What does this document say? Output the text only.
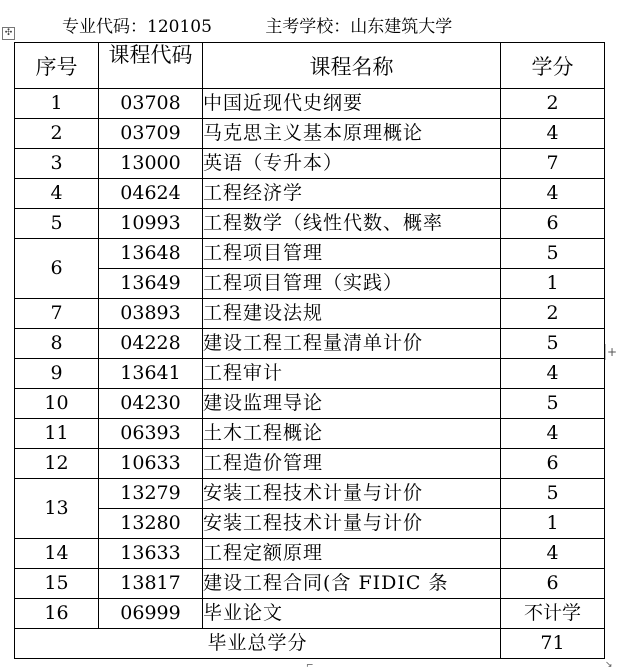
专业代码：120105	主考学校：山东建筑大学
✣
序号	课程代码	课程名称	学分
1	03708	中国近现代史纲要	2
2	03709	马克思主义基本原理概论	4
3	13000	英语（专升本）	7
4	04624	工程经济学	4
5	10993	工程数学（线性代数、概率	6
6	13648	工程项目管理	5
	13649	工程项目管理（实践）	1
7	03893	工程建设法规	2
8	04228	建设工程工程量清单计价	5
9	13641	工程审计	4
10	04230	建设监理导论	5
11	06393	土木工程概论	4
12	10633	工程造价管理	6
13	13279	安装工程技术计量与计价	5
	13280	安装工程技术计量与计价	1
14	13633	工程定额原理	4
15	13817	建设工程合同(含 FIDIC 条	6
16	06999	毕业论文	不计学
毕业总学分			71
+
⌐	↘
